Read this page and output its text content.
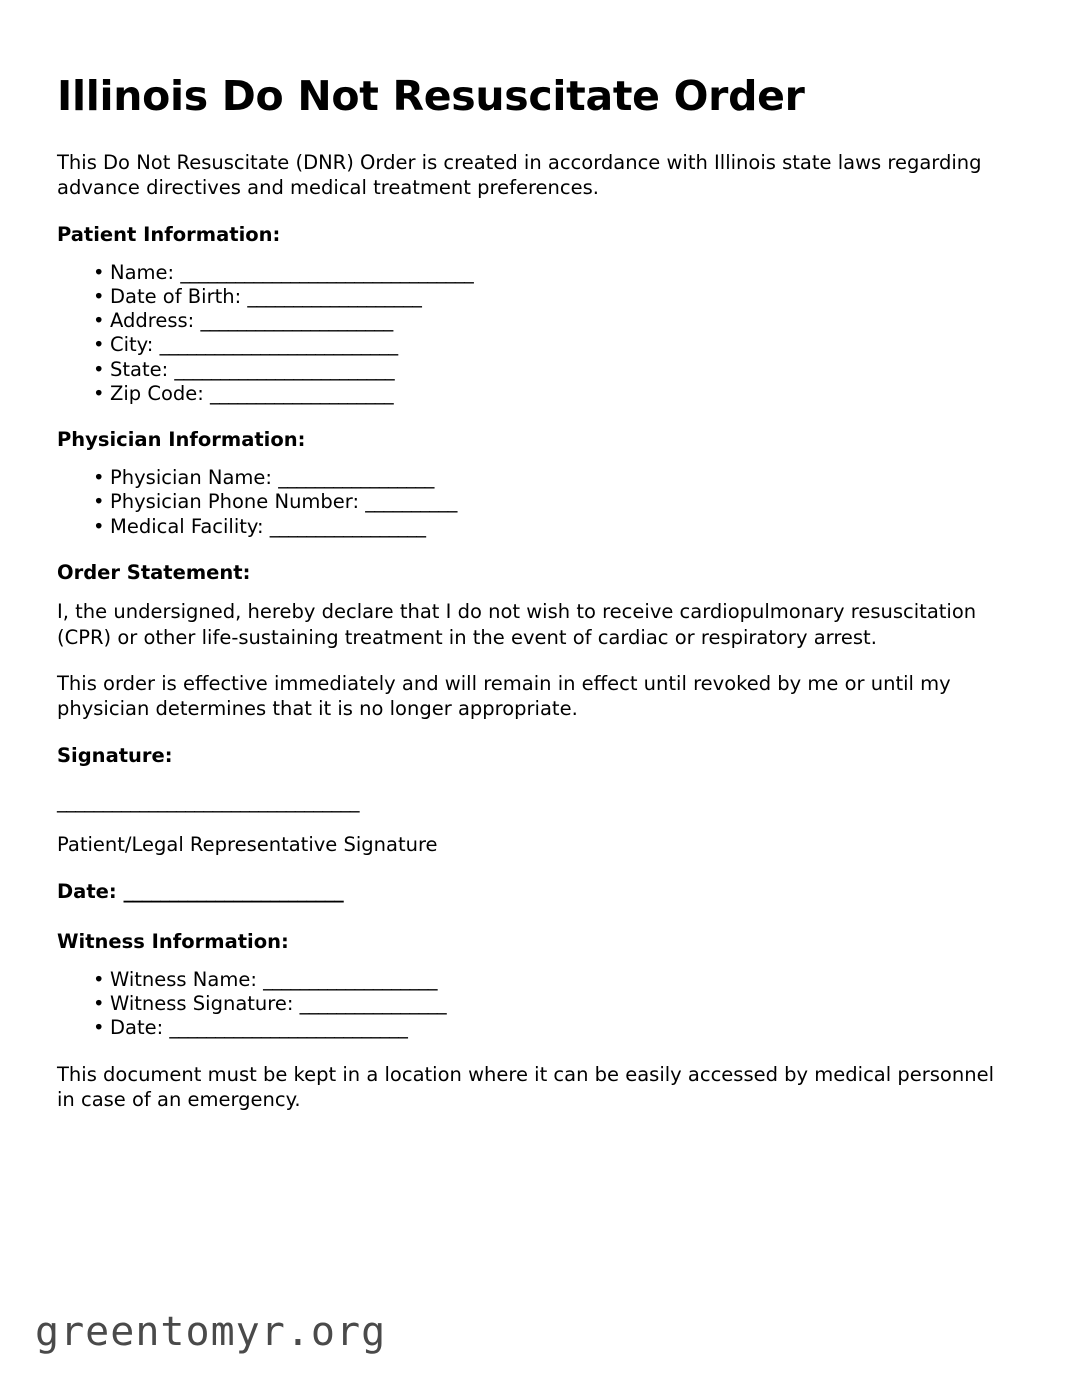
Illinois Do Not Resuscitate Order

This Do Not Resuscitate (DNR) Order is created in accordance with Illinois state laws regarding advance directives and medical treatment preferences.

Patient Information:
• Name: ________________________________
• Date of Birth: ___________________
• Address: _____________________
• City: __________________________
• State: ________________________
• Zip Code: ____________________
Physician Information:
• Physician Name: _________________
• Physician Phone Number: __________
• Medical Facility: _________________
Order Statement:

I, the undersigned, hereby declare that I do not wish to receive cardiopulmonary resuscitation (CPR) or other life-sustaining treatment in the event of cardiac or respiratory arrest.

This order is effective immediately and will remain in effect until revoked by me or until my physician determines that it is no longer appropriate.

Signature:
_________________________________

Patient/Legal Representative Signature

Date: ________________________
Witness Information:
• Witness Name: ___________________
• Witness Signature: ________________
• Date: __________________________

This document must be kept in a location where it can be easily accessed by medical personnel in case of an emergency.

greentomyr.org
